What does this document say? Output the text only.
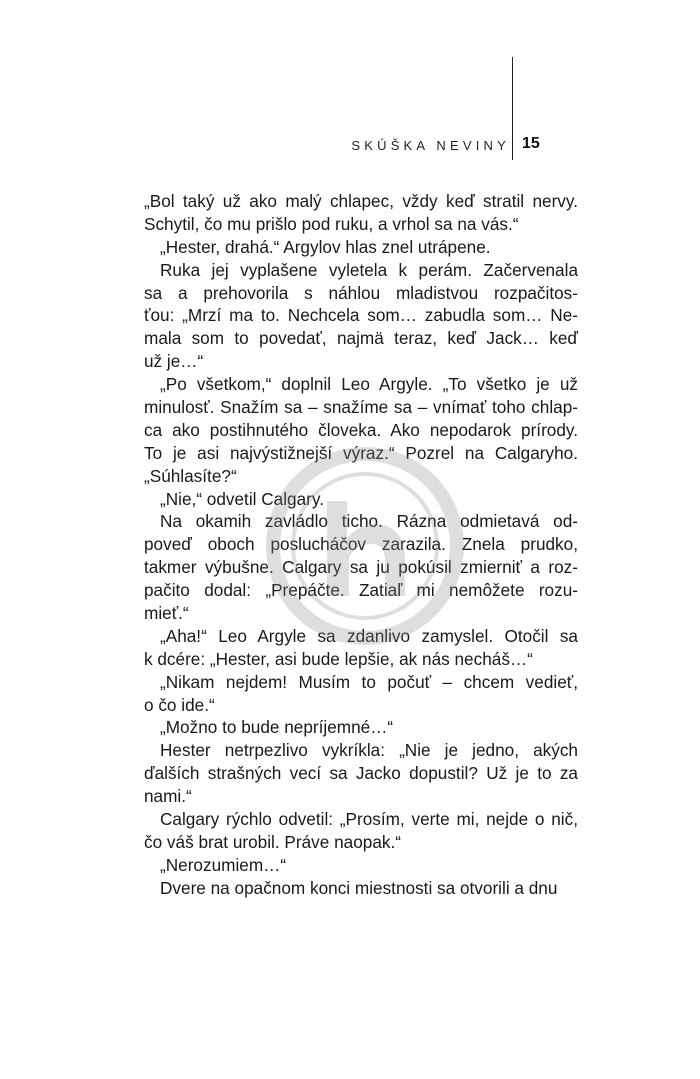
SKÚŠKA NEVINY 15
„Bol taký už ako malý chlapec, vždy keď stratil nervy.
Schytil, čo mu prišlo pod ruku, a vrhol sa na vás.“
„Hester, drahá.“ Argylov hlas znel utrápene.
Ruka jej vyplašene vyletela k perám. Začervenala
sa a prehovorila s náhlou mladistvou rozpačitos-
ťou: „Mrzí ma to. Nechcela som… zabudla som… Ne-
mala som to povedať, najmä teraz, keď Jack… keď
už je…“
„Po všetkom,“ doplnil Leo Argyle. „To všetko je už
minulosť. Snažím sa – snažíme sa – vnímať toho chlap-
ca ako postihnutého človeka. Ako nepodarok prírody.
To je asi najvýstižnejší výraz.“ Pozrel na Calgaryho.
„Súhlasíte?“
„Nie,“ odvetil Calgary.
Na okamih zavládlo ticho. Rázna odmietavá od-
poveď oboch poslucháčov zarazila. Znela prudko,
takmer výbušne. Calgary sa ju pokúsil zmierniť a roz-
pačito dodal: „Prepáčte. Zatiaľ mi nemôžete rozu-
mieť.“
„Aha!“ Leo Argyle sa zdanlivo zamyslel. Otočil sa
k dcére: „Hester, asi bude lepšie, ak nás necháš…“
„Nikam nejdem! Musím to počuť – chcem vedieť,
o čo ide.“
„Možno to bude nepríjemné…“
Hester netrpezlivo vykríkla: „Nie je jedno, akých
ďalších strašných vecí sa Jacko dopustil? Už je to za
nami.“
Calgary rýchlo odvetil: „Prosím, verte mi, nejde o nič,
čo váš brat urobil. Práve naopak.“
„Nerozumiem…“
Dvere na opačnom konci miestnosti sa otvorili a dnu
